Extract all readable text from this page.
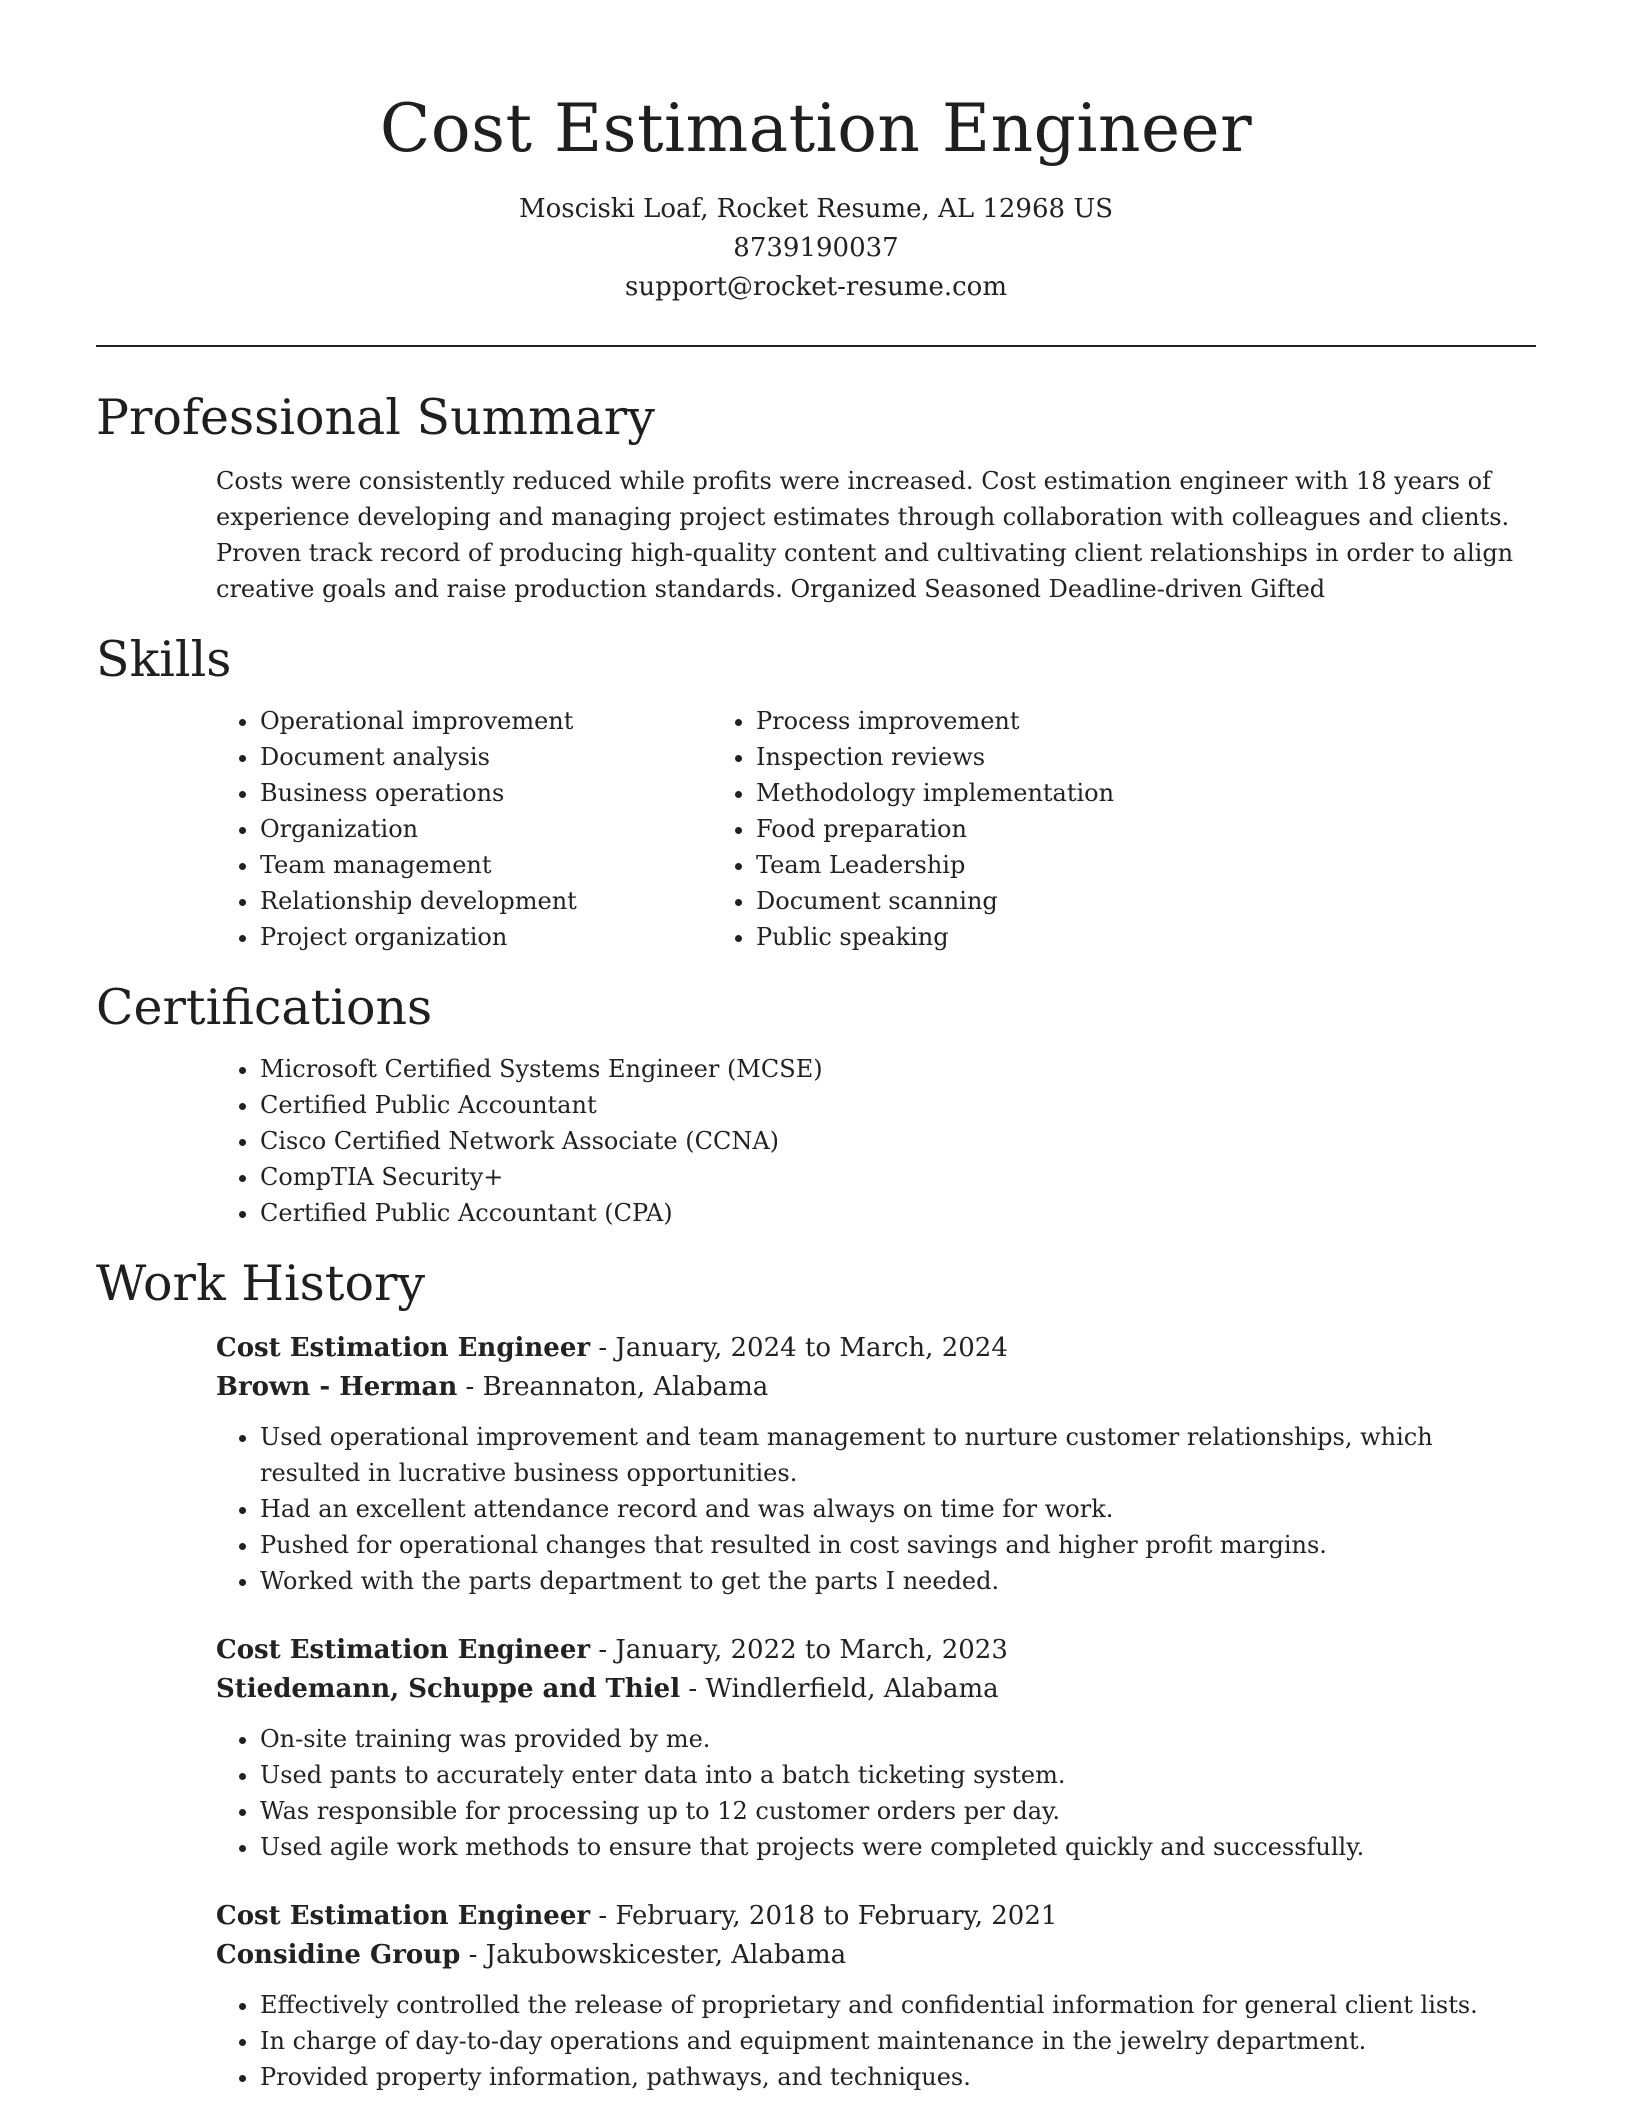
Cost Estimation Engineer

Mosciski Loaf, Rocket Resume, AL 12968 US

8739190037

support@rocket-resume.com

Professional Summary

Costs were consistently reduced while profits were increased. Cost estimation engineer with 18 years of experience developing and managing project estimates through collaboration with colleagues and clients. Proven track record of producing high-quality content and cultivating client relationships in order to align creative goals and raise production standards. Organized Seasoned Deadline-driven Gifted

Skills
• Operational improvement
• Document analysis
• Business operations
• Organization
• Team management
• Relationship development
• Project organization
• Process improvement
• Inspection reviews
• Methodology implementation
• Food preparation
• Team Leadership
• Document scanning
• Public speaking
Certifications
• Microsoft Certified Systems Engineer (MCSE)
• Certified Public Accountant
• Cisco Certified Network Associate (CCNA)
• CompTIA Security+
• Certified Public Accountant (CPA)
Work History

Cost Estimation Engineer - January, 2024 to March, 2024

Brown - Herman - Breannaton, Alabama

• Used operational improvement and team management to nurture customer relationships, which resulted in lucrative business opportunities.
• Had an excellent attendance record and was always on time for work.
• Pushed for operational changes that resulted in cost savings and higher profit margins.
• Worked with the parts department to get the parts I needed.

Cost Estimation Engineer - January, 2022 to March, 2023

Stiedemann, Schuppe and Thiel - Windlerfield, Alabama

• On-site training was provided by me.
• Used pants to accurately enter data into a batch ticketing system.
• Was responsible for processing up to 12 customer orders per day.
• Used agile work methods to ensure that projects were completed quickly and successfully.

Cost Estimation Engineer - February, 2018 to February, 2021

Considine Group - Jakubowskicester, Alabama

• Effectively controlled the release of proprietary and confidential information for general client lists.
• In charge of day-to-day operations and equipment maintenance in the jewelry department.
• Provided property information, pathways, and techniques.
